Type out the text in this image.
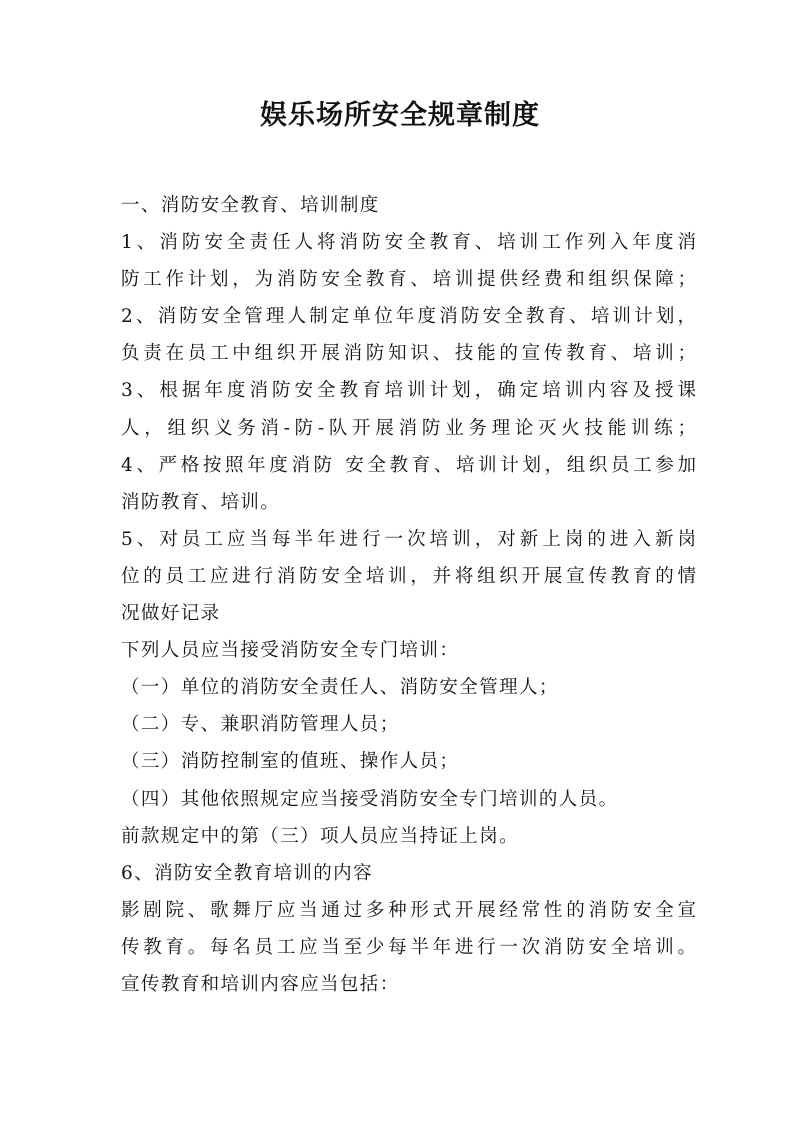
娱乐场所安全规章制度

一、消防安全教育、培训制度

1、消防安全责任人将消防安全教育、培训工作列入年度消

防工作计划，为消防安全教育、培训提供经费和组织保障；

2、消防安全管理人制定单位年度消防安全教育、培训计划，

负责在员工中组织开展消防知识、技能的宣传教育、培训；

3、根据年度消防安全教育培训计划，确定培训内容及授课

人，组织义务消-防-队开展消防业务理论灭火技能训练；

4、严格按照年度消防 安全教育、培训计划，组织员工参加

消防教育、培训。

5、对员工应当每半年进行一次培训，对新上岗的进入新岗

位的员工应进行消防安全培训，并将组织开展宣传教育的情

况做好记录

下列人员应当接受消防安全专门培训：

（一）单位的消防安全责任人、消防安全管理人；

（二）专、兼职消防管理人员；

（三）消防控制室的值班、操作人员；

（四）其他依照规定应当接受消防安全专门培训的人员。

前款规定中的第（三）项人员应当持证上岗。

6、消防安全教育培训的内容

影剧院、歌舞厅应当通过多种形式开展经常性的消防安全宣

传教育。每名员工应当至少每半年进行一次消防安全培训。

宣传教育和培训内容应当包括：
